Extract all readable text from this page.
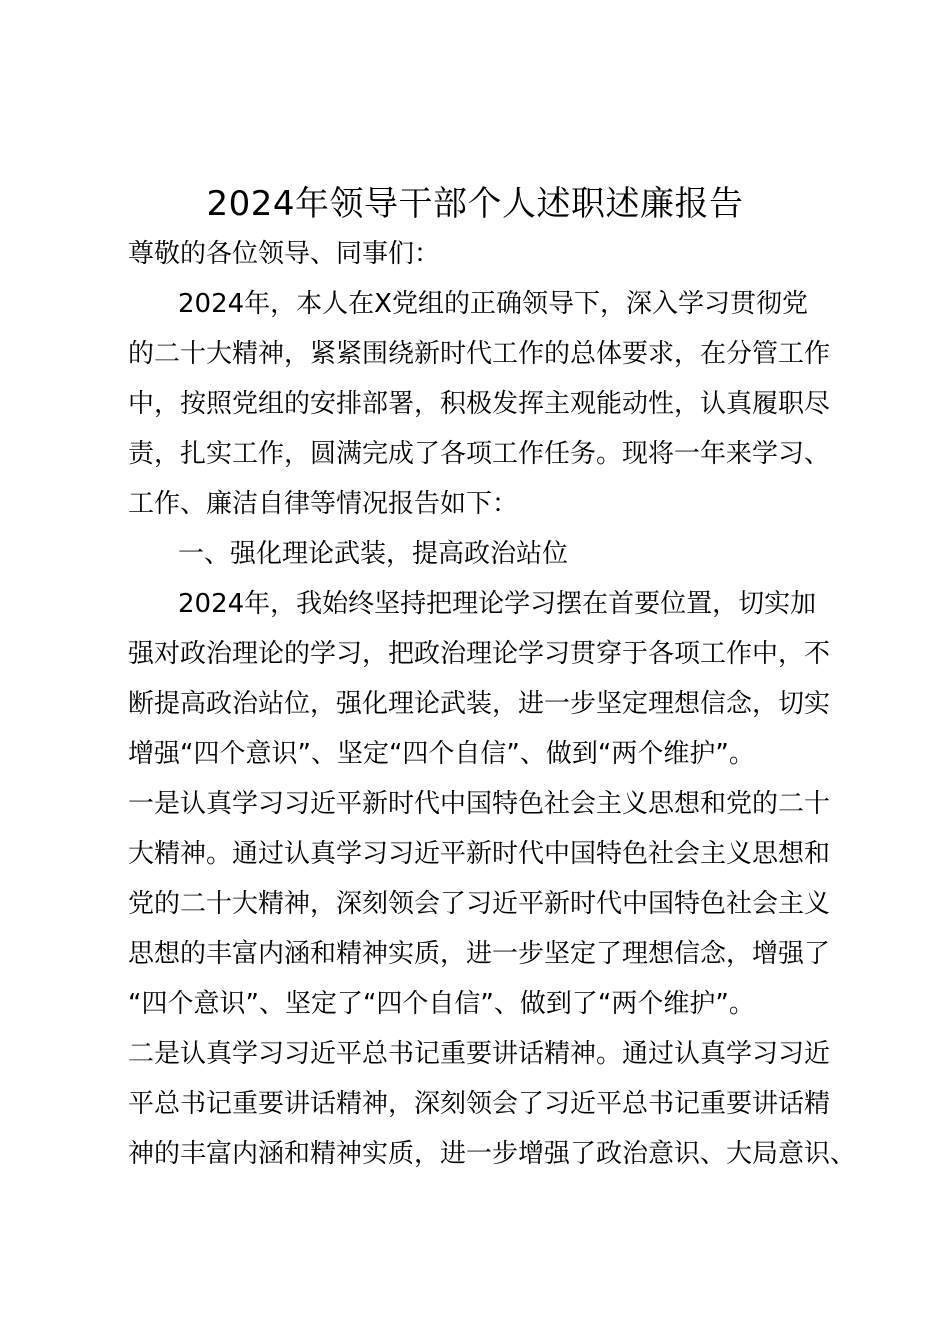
2024年领导干部个人述职述廉报告
尊敬的各位领导、同事们：
2024年，本人在X党组的正确领导下，深入学习贯彻党
的二十大精神，紧紧围绕新时代工作的总体要求，在分管工作
中，按照党组的安排部署，积极发挥主观能动性，认真履职尽
责，扎实工作，圆满完成了各项工作任务。现将一年来学习、
工作、廉洁自律等情况报告如下：
一、强化理论武装，提高政治站位
2024年，我始终坚持把理论学习摆在首要位置，切实加
强对政治理论的学习，把政治理论学习贯穿于各项工作中，不
断提高政治站位，强化理论武装，进一步坚定理想信念，切实
增强“四个意识”、坚定“四个自信”、做到“两个维护”。
一是认真学习习近平新时代中国特色社会主义思想和党的二十
大精神。通过认真学习习近平新时代中国特色社会主义思想和
党的二十大精神，深刻领会了习近平新时代中国特色社会主义
思想的丰富内涵和精神实质，进一步坚定了理想信念，增强了
“四个意识”、坚定了“四个自信”、做到了“两个维护”。
二是认真学习习近平总书记重要讲话精神。通过认真学习习近
平总书记重要讲话精神，深刻领会了习近平总书记重要讲话精
神的丰富内涵和精神实质，进一步增强了政治意识、大局意识、
